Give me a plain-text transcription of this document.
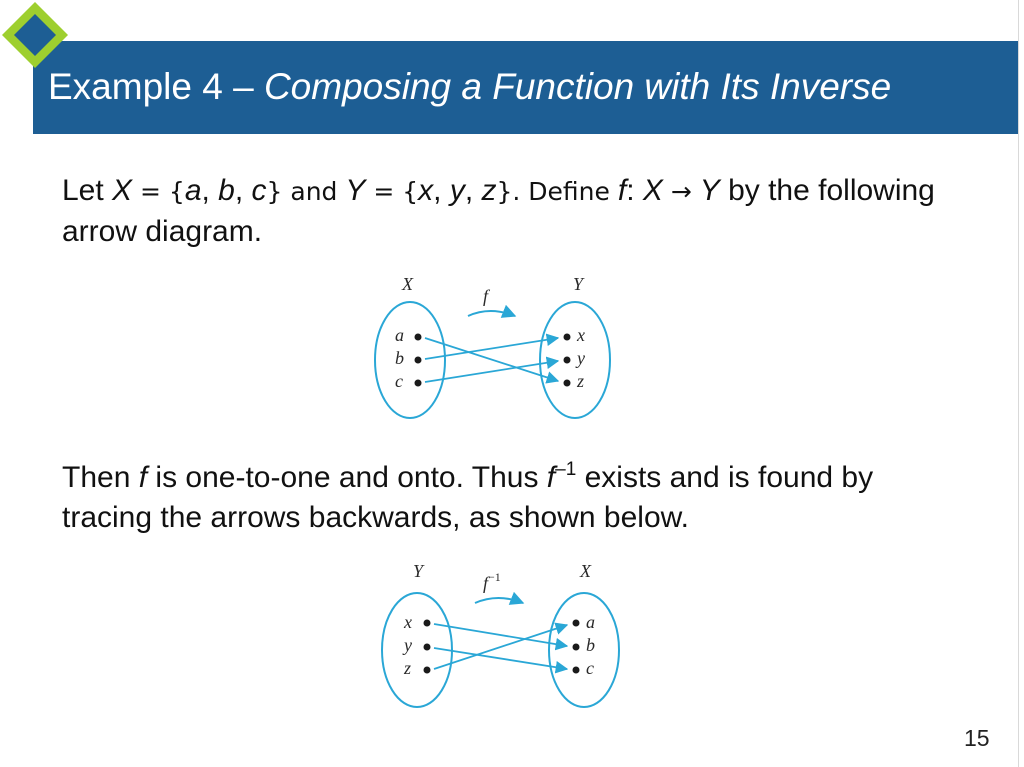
Example 4 – Composing a Function with Its Inverse
Let X = {a, b, c} and Y = {x, y, z}. Define f: X → Y by the following arrow diagram.
X	Y
f
a
b
c
x
y
z
Then f is one-to-one and onto. Thus $f^{-1}$ exists and is found by tracing the arrows backwards, as shown below.
Y	X
$f^{-1}$
x
y
z
a
b
c
15
